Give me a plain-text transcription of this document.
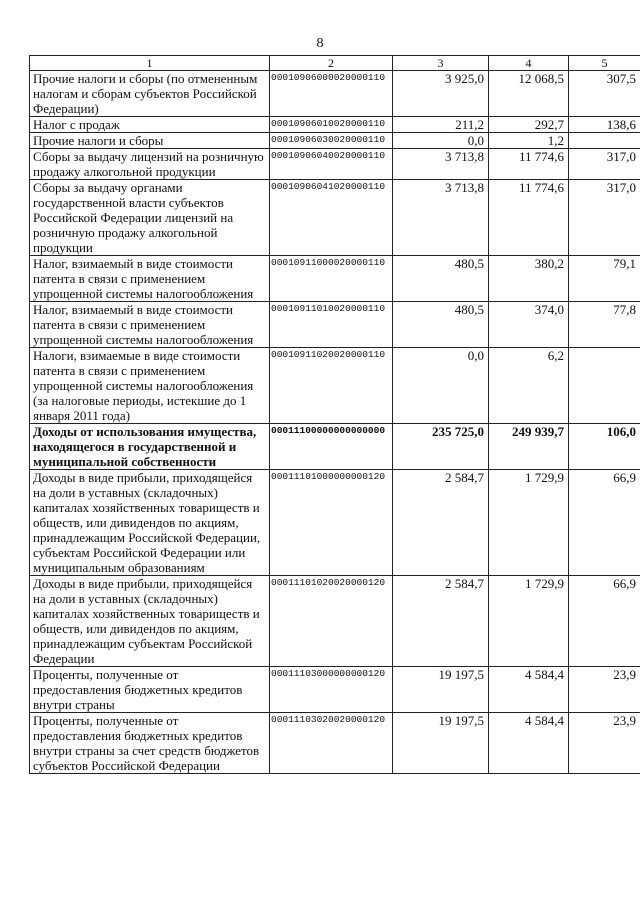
8
1	2	3	4	5
Прочие налоги и сборы (по отмененным налогам и сборам субъектов Российской Федерации)	00010906000020000110	3 925,0	12 068,5	307,5
Налог с продаж	00010906010020000110	211,2	292,7	138,6
Прочие налоги и сборы	00010906030020000110	0,0	1,2	
Сборы за выдачу лицензий на розничную продажу алкогольной продукции	00010906040020000110	3 713,8	11 774,6	317,0
Сборы за выдачу органами государственной власти субъектов Российской Федерации лицензий на розничную продажу алкогольной продукции	00010906041020000110	3 713,8	11 774,6	317,0
Налог, взимаемый в виде стоимости патента в связи с применением упрощенной системы налогообложения	00010911000020000110	480,5	380,2	79,1
Налог, взимаемый в виде стоимости патента в связи с применением упрощенной системы налогообложения	00010911010020000110	480,5	374,0	77,8
Налоги, взимаемые в виде стоимости патента в связи с применением упрощенной системы налогообложения (за налоговые периоды, истекшие до 1 января 2011 года)	00010911020020000110	0,0	6,2	
Доходы от использования имущества, находящегося в государственной и муниципальной собственности	00011100000000000000	235 725,0	249 939,7	106,0
Доходы в виде прибыли, приходящейся на доли в уставных (складочных) капиталах хозяйственных товариществ и обществ, или дивидендов по акциям, принадлежащим Российской Федерации, субъектам Российской Федерации или муниципальным образованиям	00011101000000000120	2 584,7	1 729,9	66,9
Доходы в виде прибыли, приходящейся на доли в уставных (складочных) капиталах хозяйственных товариществ и обществ, или дивидендов по акциям, принадлежащим субъектам Российской Федерации	00011101020020000120	2 584,7	1 729,9	66,9
Проценты, полученные от предоставления бюджетных кредитов внутри страны	00011103000000000120	19 197,5	4 584,4	23,9
Проценты, полученные от предоставления бюджетных кредитов внутри страны за счет средств бюджетов субъектов Российской Федерации	00011103020020000120	19 197,5	4 584,4	23,9
